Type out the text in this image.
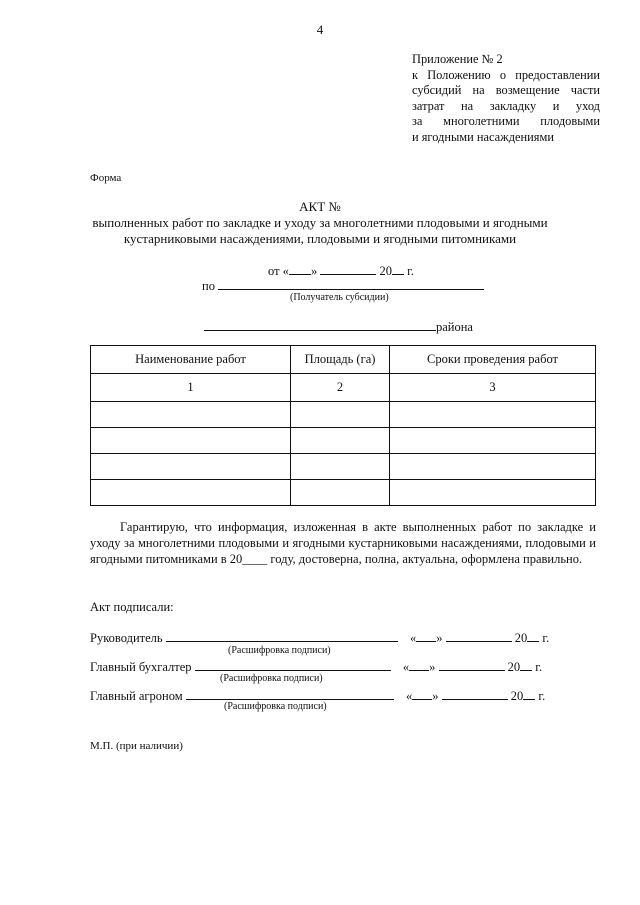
4
Приложение № 2
к Положению о предоставлении
субсидий на возмещение части
затрат на закладку и уход
за многолетними плодовыми
и ягодными насаждениями
Форма
АКТ №
выполненных работ по закладке и уходу за многолетними плодовыми и ягодными
кустарниковыми насаждениями, плодовыми и ягодными питомниками
от « »	20 г.
по
(Получатель субсидии)
района
Наименование работ	Площадь (га)	Сроки проведения работ
1	2	3

Гарантирую, что информация, изложенная в акте выполненных работ по закладке и уходу за многолетними плодовыми и ягодными кустарниковыми насаждениями, плодовыми и ягодными питомниками в 20____ году, достоверна, полна, актуальна, оформлена правильно.

Акт подписали:
Руководитель	« »	20 г.
(Расшифровка подписи)
Главный бухгалтер	« »	20 г.
(Расшифровка подписи)
Главный агроном	« »	20 г.
(Расшифровка подписи)
М.П. (при наличии)
